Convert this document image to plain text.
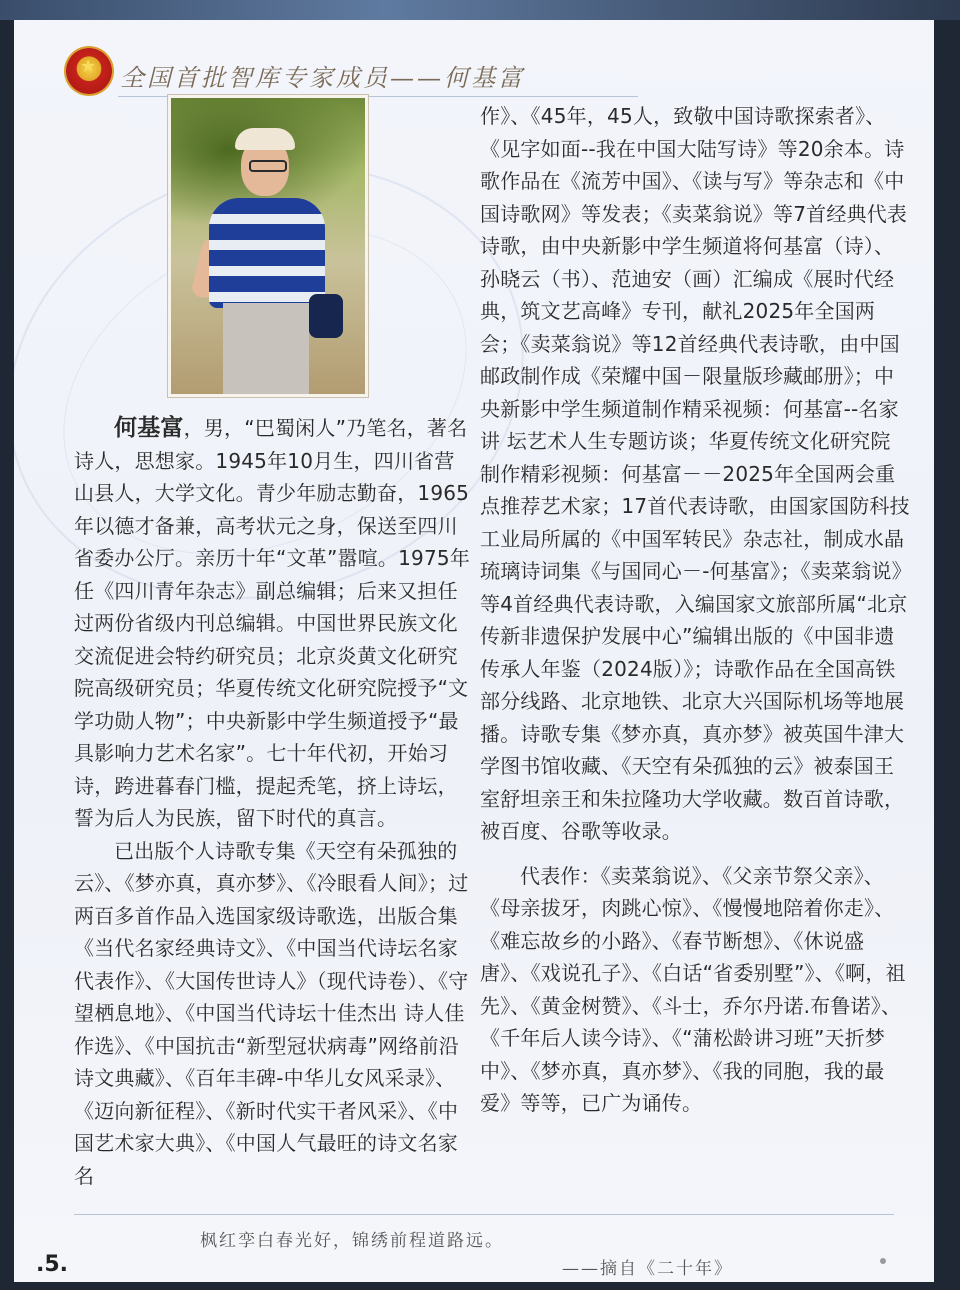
★ 全国首批智库专家成员——何基富

何基富，男，“巴蜀闲人”乃笔名，著名诗人，思想家。1945年10月生，四川省营山县人，大学文化。青少年励志勤奋，1965年以德才备兼，高考状元之身，保送至四川省委办公厅。亲历十年“文革”嚣喧。1975年任《四川青年杂志》副总编辑；后来又担任过两份省级内刊总编辑。中国世界民族文化交流促进会特约研究员；北京炎黄文化研究院高级研究员；华夏传统文化研究院授予“文学功勋人物”；中央新影中学生频道授予“最具影响力艺术名家”。七十年代初，开始习诗，跨进暮春门槛，提起秃笔，挤上诗坛，誓为后人为民族，留下时代的真言。

已出版个人诗歌专集《天空有朵孤独的云》、《梦亦真，真亦梦》、《冷眼看人间》；过两百多首作品入选国家级诗歌选，出版合集《当代名家经典诗文》、《中国当代诗坛名家代表作》、《大国传世诗人》（现代诗卷）、《守望栖息地》、《中国当代诗坛十佳杰出 诗人佳作选》、《中国抗击“新型冠状病毒”网络前沿诗文典藏》、《百年丰碑-中华儿女风采录》、《迈向新征程》、《新时代实干者风采》、《中国艺术家大典》、《中国人气最旺的诗文名家名

作》、《45年，45人，致敬中国诗歌探索者》、《见字如面--我在中国大陆写诗》等20余本。诗歌作品在《流芳中国》、《读与写》等杂志和《中国诗歌网》等发表；《卖菜翁说》等7首经典代表诗歌，由中央新影中学生频道将何基富（诗）、孙晓云（书）、范迪安（画）汇编成《展时代经典，筑文艺高峰》专刊，献礼2025年全国两会；《卖菜翁说》等12首经典代表诗歌，由中国邮政制作成《荣耀中国－限量版珍藏邮册》；中央新影中学生频道制作精采视频：何基富--名家讲 坛艺术人生专题访谈；华夏传统文化研究院制作精彩视频：何基富－－2025年全国两会重点推荐艺术家；17首代表诗歌，由国家国防科技工业局所属的《中国军转民》杂志社，制成水晶琉璃诗词集《与国同心－-何基富》；《卖菜翁说》等4首经典代表诗歌，入编国家文旅部所属“北京传新非遗保护发展中心”编辑出版的《中国非遗传承人年鉴（2024版）》；诗歌作品在全国高铁部分线路、北京地铁、北京大兴国际机场等地展播。诗歌专集《梦亦真，真亦梦》被英国牛津大学图书馆收藏、《天空有朵孤独的云》被泰国王室舒坦亲王和朱拉隆功大学收藏。数百首诗歌，被百度、谷歌等收录。

代表作：《卖菜翁说》、《父亲节祭父亲》、《母亲拔牙，肉跳心惊》、《慢慢地陪着你走》、《难忘故乡的小路》、《春节断想》、《休说盛唐》、《戏说孔子》、《白话“省委别墅”》、《啊，祖先》、《黄金树赞》、《斗士，乔尔丹诺.布鲁诺》、《千年后人读今诗》、《“蒲松龄讲习班”天折梦中》、《梦亦真，真亦梦》、《我的同胞，我的最爱》等等，已广为诵传。

枫红孪白春光好，锦绣前程道路远。
——摘自《二十年》
.5.
